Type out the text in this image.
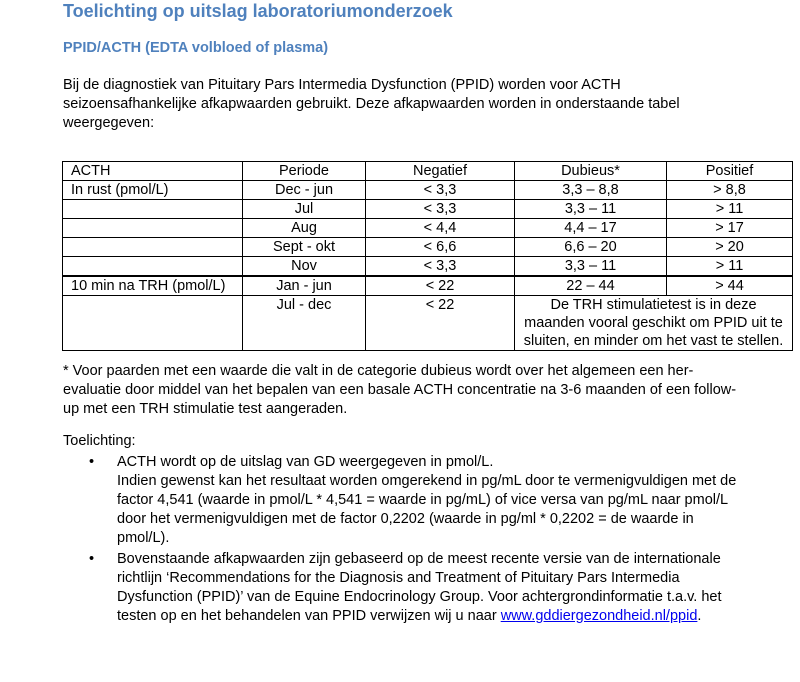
Toelichting op uitslag laboratoriumonderzoek
PPID/ACTH (EDTA volbloed of plasma)
Bij de diagnostiek van Pituitary Pars Intermedia Dysfunction (PPID) worden voor ACTH seizoensafhankelijke afkapwaarden gebruikt. Deze afkapwaarden worden in onderstaande tabel weergegeven:
ACTH	Periode	Negatief	Dubieus*	Positief
In rust (pmol/L)	Dec - jun	< 3,3	3,3 – 8,8	> 8,8
	Jul	< 3,3	3,3 – 11	> 11
	Aug	< 4,4	4,4 – 17	> 17
	Sept - okt	< 6,6	6,6 – 20	> 20
	Nov	< 3,3	3,3 – 11	> 11
10 min na TRH (pmol/L)	Jan - jun	< 22	22 – 44	> 44
	Jul - dec	< 22	De TRH stimulatietest is in deze maanden vooral geschikt om PPID uit te sluiten, en minder om het vast te stellen.	
* Voor paarden met een waarde die valt in de categorie dubieus wordt over het algemeen een her-evaluatie door middel van het bepalen van een basale ACTH concentratie na 3-6 maanden of een follow-up met een TRH stimulatie test aangeraden.
Toelichting:
• ACTH wordt op de uitslag van GD weergegeven in pmol/L.

Indien gewenst kan het resultaat worden omgerekend in pg/mL door te vermenigvuldigen met de factor 4,541 (waarde in pmol/L * 4,541 = waarde in pg/mL) of vice versa van pg/mL naar pmol/L door het vermenigvuldigen met de factor 0,2202 (waarde in pg/ml * 0,2202 = de waarde in pmol/L).

• Bovenstaande afkapwaarden zijn gebaseerd op de meest recente versie van de internationale richtlijn ‘Recommendations for the Diagnosis and Treatment of Pituitary Pars Intermedia Dysfunction (PPID)’ van de Equine Endocrinology Group. Voor achtergrondinformatie t.a.v. het testen op en het behandelen van PPID verwijzen wij u naar www.gddiergezondheid.nl/ppid.
